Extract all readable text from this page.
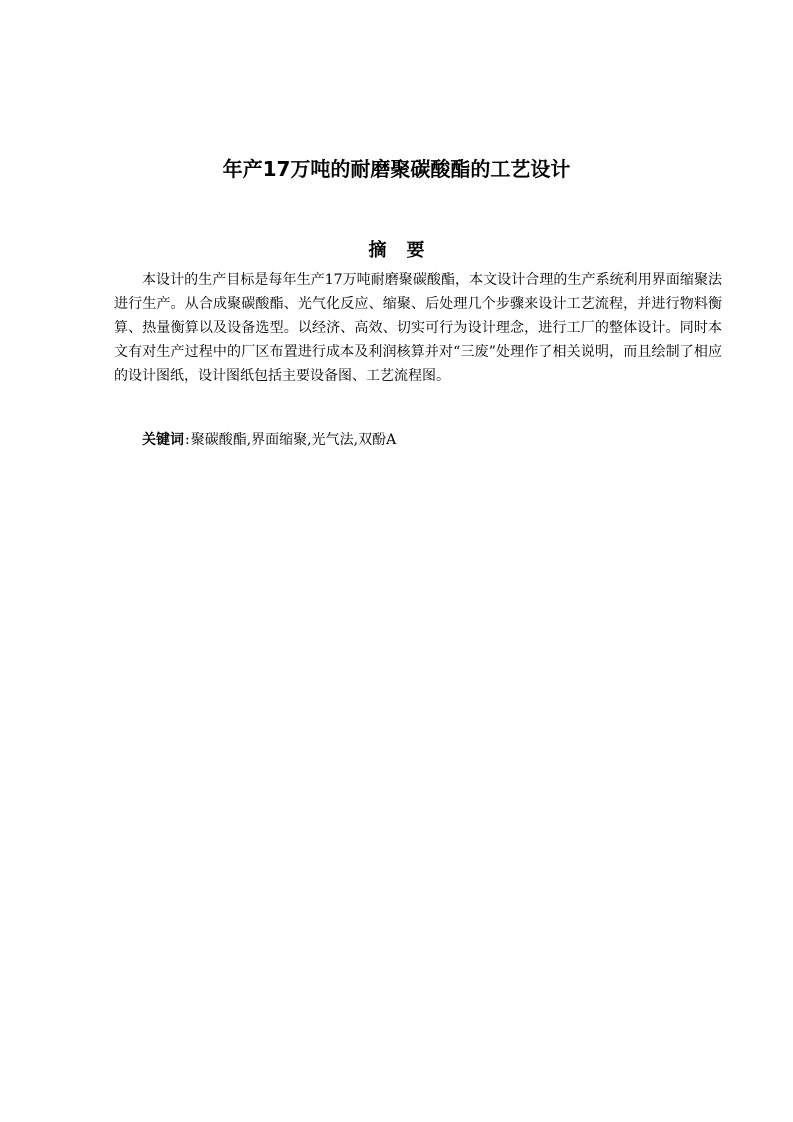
年产17万吨的耐磨聚碳酸酯的工艺设计
摘要

本设计的生产目标是每年生产17万吨耐磨聚碳酸酯，本文设计合理的生产系统利用界面缩聚法进行生产。从合成聚碳酸酯、光气化反应、缩聚、后处理几个步骤来设计工艺流程，并进行物料衡算、热量衡算以及设备选型。以经济、高效、切实可行为设计理念，进行工厂的整体设计。同时本文有对生产过程中的厂区布置进行成本及利润核算并对“三废”处理作了相关说明，而且绘制了相应的设计图纸，设计图纸包括主要设备图、工艺流程图。

关键词:聚碳酸酯,界面缩聚,光气法,双酚A
